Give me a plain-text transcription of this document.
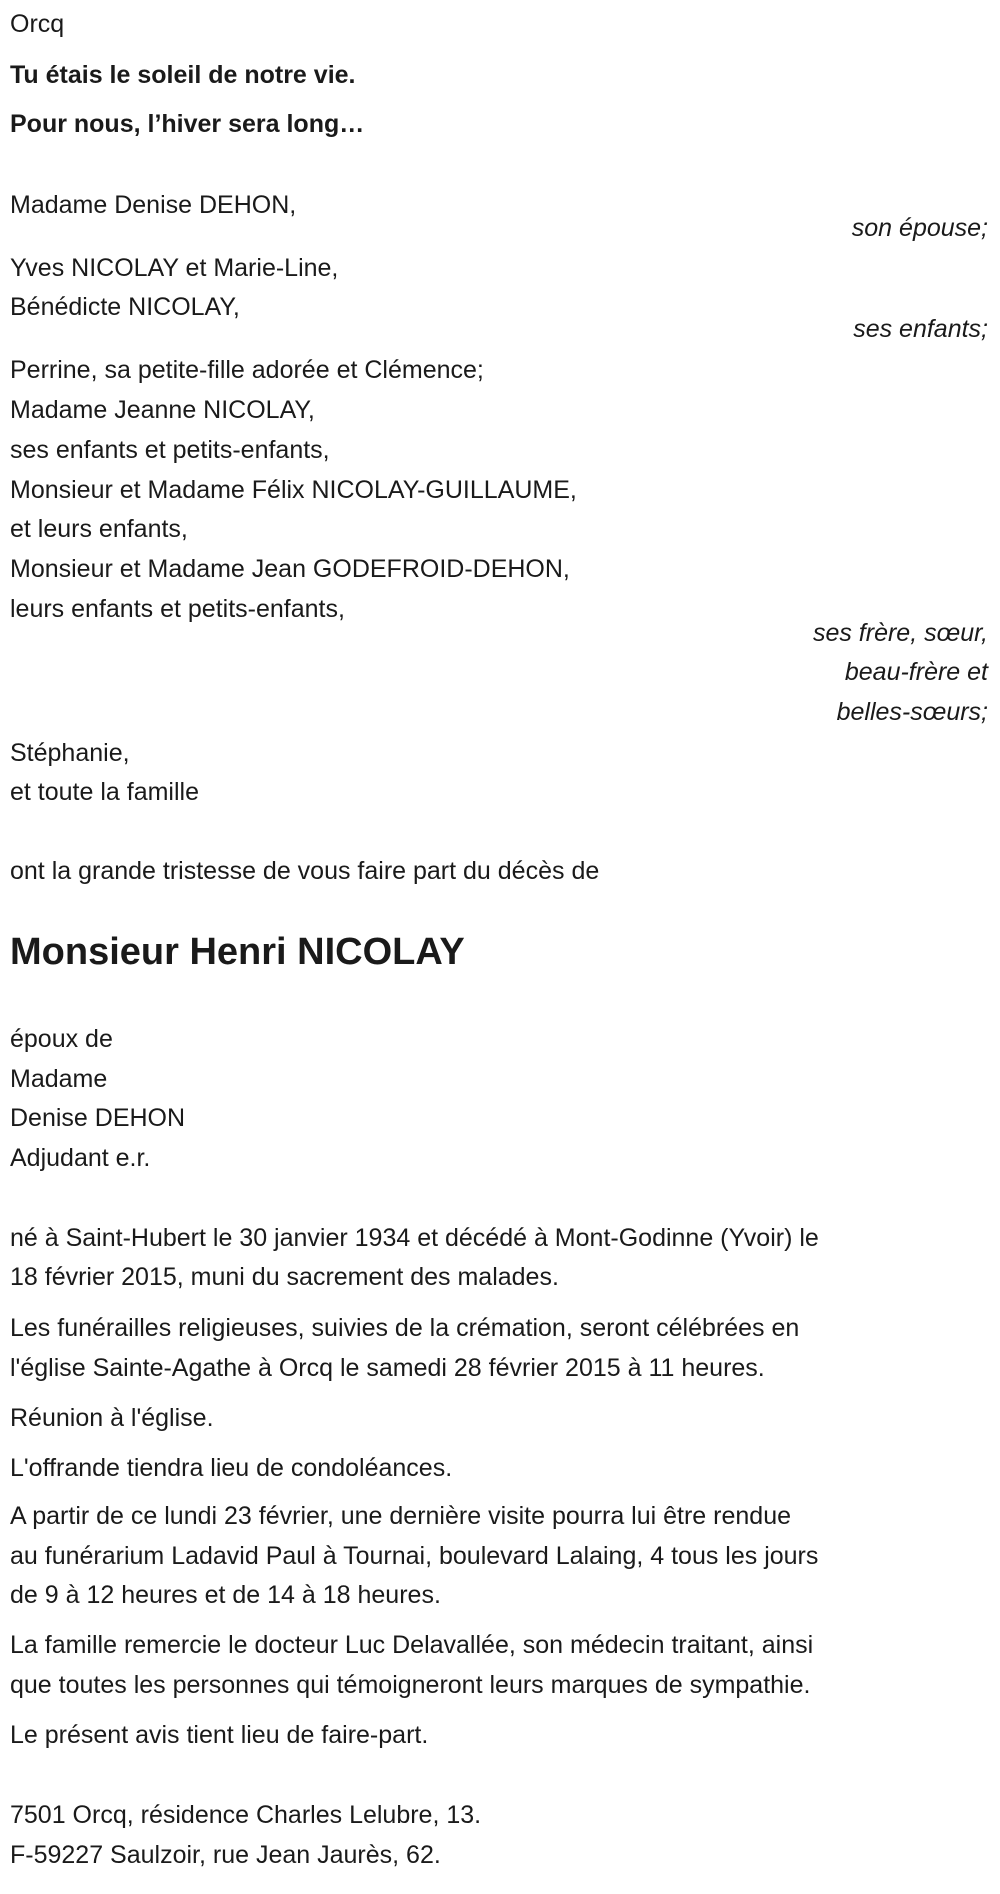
Orcq
Tu étais le soleil de notre vie.
Pour nous, l’hiver sera long…
Madame Denise DEHON,
son épouse;
Yves NICOLAY et Marie-Line,
Bénédicte NICOLAY,
ses enfants;
Perrine, sa petite-fille adorée et Clémence;
Madame Jeanne NICOLAY,
ses enfants et petits-enfants,
Monsieur et Madame Félix NICOLAY-GUILLAUME,
et leurs enfants,
Monsieur et Madame Jean GODEFROID-DEHON,
leurs enfants et petits-enfants,
ses frère, sœur,
beau-frère et
belles-sœurs;
Stéphanie,
et toute la famille
ont la grande tristesse de vous faire part du décès de
Monsieur Henri NICOLAY
époux de
Madame
Denise DEHON
Adjudant e.r.
né à Saint-Hubert le 30 janvier 1934 et décédé à Mont-Godinne (Yvoir) le
18 février 2015, muni du sacrement des malades.
Les funérailles religieuses, suivies de la crémation, seront célébrées en
l'église Sainte-Agathe à Orcq le samedi 28 février 2015 à 11 heures.
Réunion à l'église.
L'offrande tiendra lieu de condoléances.
A partir de ce lundi 23 février, une dernière visite pourra lui être rendue
au funérarium Ladavid Paul à Tournai, boulevard Lalaing, 4 tous les jours
de 9 à 12 heures et de 14 à 18 heures.
La famille remercie le docteur Luc Delavallée, son médecin traitant, ainsi
que toutes les personnes qui témoigneront leurs marques de sympathie.
Le présent avis tient lieu de faire-part.
7501 Orcq, résidence Charles Lelubre, 13.
F-59227 Saulzoir, rue Jean Jaurès, 62.
